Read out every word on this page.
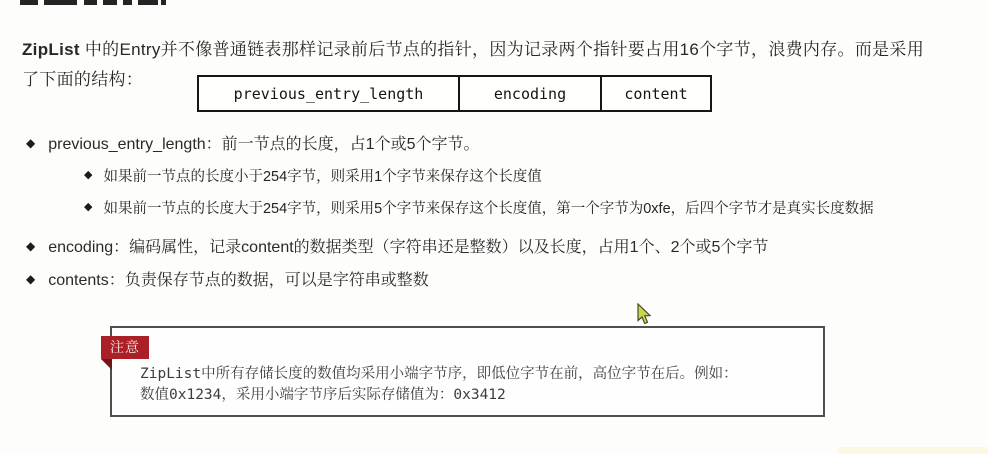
ZipList 中的Entry并不像普通链表那样记录前后节点的指针，因为记录两个指针要占用16个字节，浪费内存。而是采用

了下面的结构：

previous_entry_length	encoding	content
◆ previous_entry_length：前一节点的长度，占1个或5个字节。
◆ 如果前一节点的长度小于254字节，则采用1个字节来保存这个长度值
◆ 如果前一节点的长度大于254字节，则采用5个字节来保存这个长度值，第一个字节为0xfe，后四个字节才是真实长度数据
◆ encoding：编码属性，记录content的数据类型（字符串还是整数）以及长度，占用1个、2个或5个字节
◆ contents：负责保存节点的数据，可以是字符串或整数
注意
ZipList中所有存储长度的数值均采用小端字节序，即低位字节在前，高位字节在后。例如：
数值0x1234，采用小端字节序后实际存储值为：0x3412
